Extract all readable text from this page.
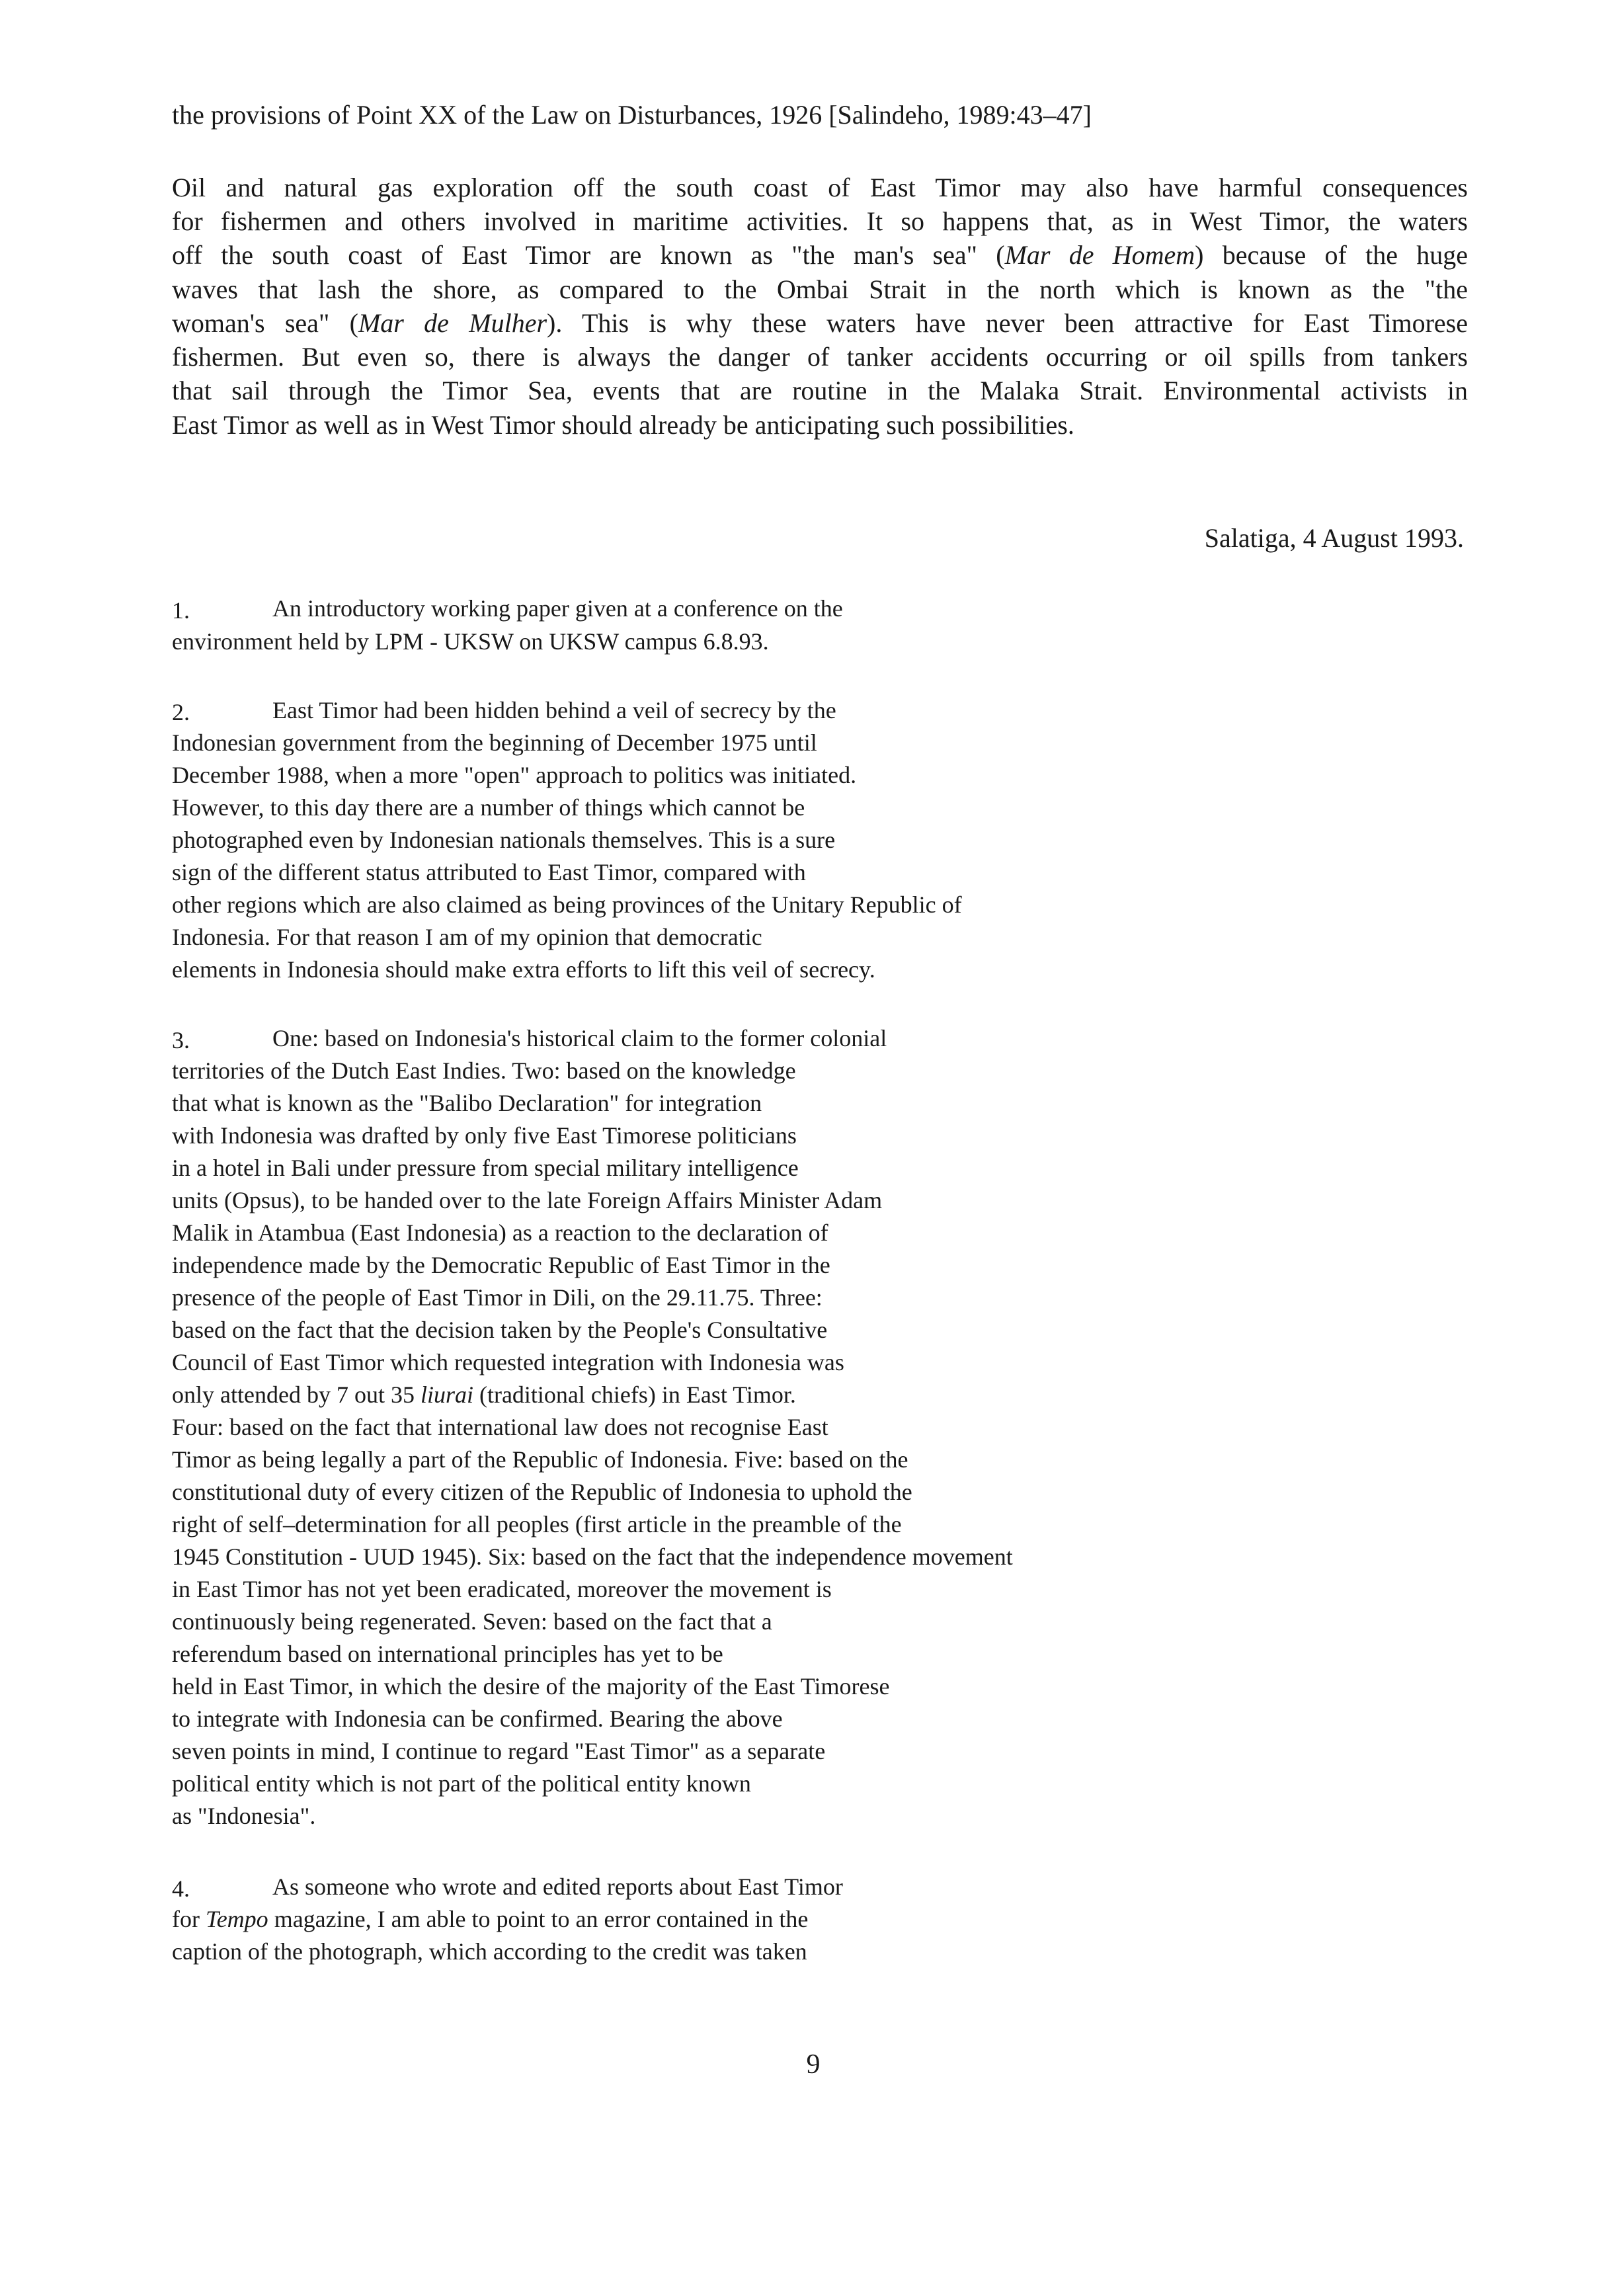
the provisions of Point XX of the Law on Disturbances, 1926 [Salindeho, 1989:43–47]

Oil and natural gas exploration off the south coast of East Timor may also have harmful consequences

for fishermen and others involved in maritime activities. It so happens that, as in West Timor, the waters

off the south coast of East Timor are known as "the man's sea" (Mar de Homem) because of the huge

waves that lash the shore, as compared to the Ombai Strait in the north which is known as the "the

woman's sea" (Mar de Mulher). This is why these waters have never been attractive for East Timorese

fishermen. But even so, there is always the danger of tanker accidents occurring or oil spills from tankers

that sail through the Timor Sea, events that are routine in the Malaka Strait. Environmental activists in

East Timor as well as in West Timor should already be anticipating such possibilities.

Salatiga, 4 August 1993.

1.	An introductory working paper given at a conference on the

environment held by LPM - UKSW on UKSW campus 6.8.93.

2.	East Timor had been hidden behind a veil of secrecy by the

Indonesian government from the beginning of December 1975 until

December 1988, when a more "open" approach to politics was initiated.

However, to this day there are a number of things which cannot be

photographed even by Indonesian nationals themselves. This is a sure

sign of the different status attributed to East Timor, compared with

other regions which are also claimed as being provinces of the Unitary Republic of

Indonesia. For that reason I am of my opinion that democratic

elements in Indonesia should make extra efforts to lift this veil of secrecy.

3.	One: based on Indonesia's historical claim to the former colonial

territories of the Dutch East Indies. Two: based on the knowledge

that what is known as the "Balibo Declaration" for integration

with Indonesia was drafted by only five East Timorese politicians

in a hotel in Bali under pressure from special military intelligence

units (Opsus), to be handed over to the late Foreign Affairs Minister Adam

Malik in Atambua (East Indonesia) as a reaction to the declaration of

independence made by the Democratic Republic of East Timor in the

presence of the people of East Timor in Dili, on the 29.11.75. Three:

based on the fact that the decision taken by the People's Consultative

Council of East Timor which requested integration with Indonesia was

only attended by 7 out 35 liurai (traditional chiefs) in East Timor.

Four: based on the fact that international law does not recognise East

Timor as being legally a part of the Republic of Indonesia. Five: based on the

constitutional duty of every citizen of the Republic of Indonesia to uphold the

right of self–determination for all peoples (first article in the preamble of the

1945 Constitution - UUD 1945). Six: based on the fact that the independence movement

in East Timor has not yet been eradicated, moreover the movement is

continuously being regenerated. Seven: based on the fact that a

referendum based on international principles has yet to be

held in East Timor, in which the desire of the majority of the East Timorese

to integrate with Indonesia can be confirmed. Bearing the above

seven points in mind, I continue to regard "East Timor" as a separate

political entity which is not part of the political entity known

as "Indonesia".

4.	As someone who wrote and edited reports about East Timor

for Tempo magazine, I am able to point to an error contained in the

caption of the photograph, which according to the credit was taken

9
